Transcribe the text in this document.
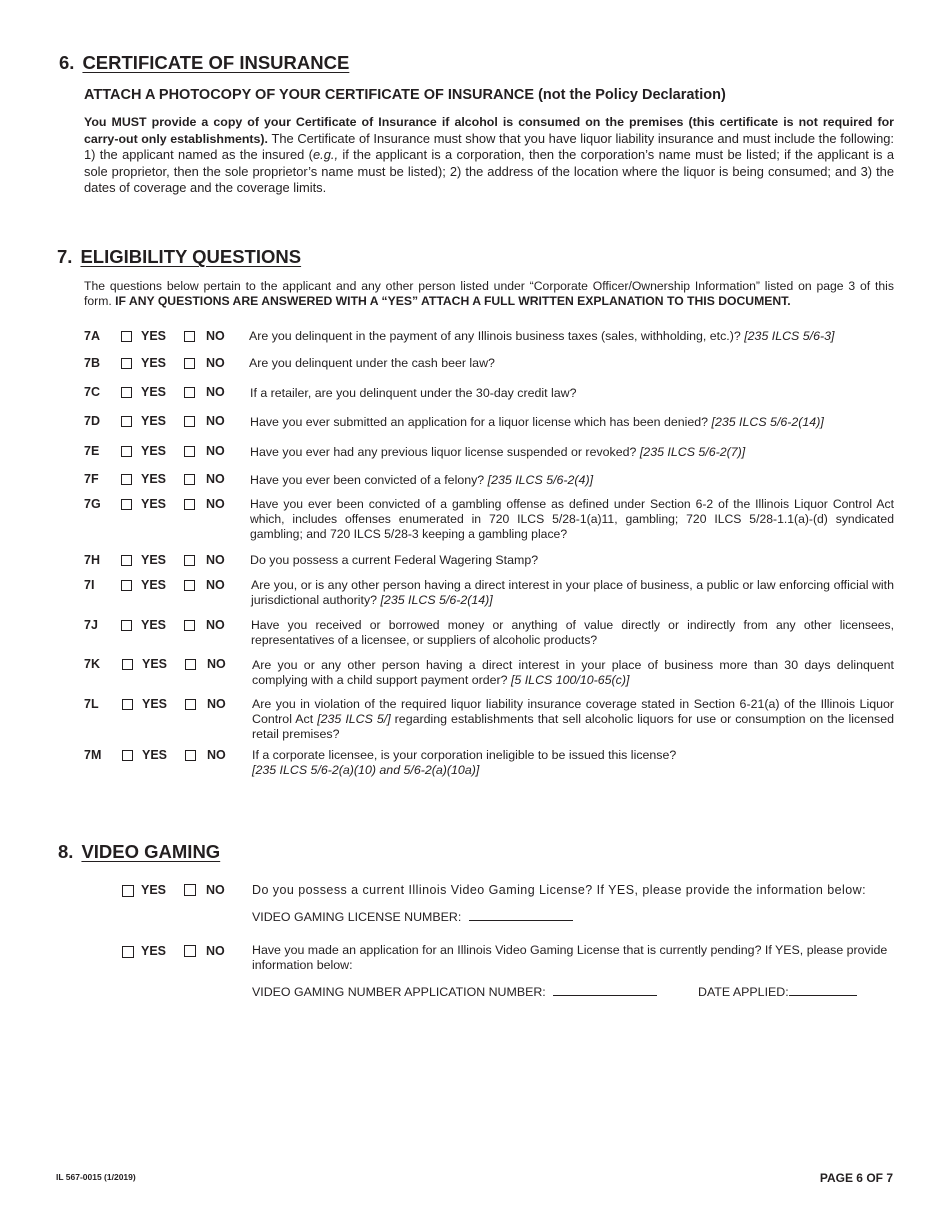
6. CERTIFICATE OF INSURANCE
ATTACH A PHOTOCOPY OF YOUR CERTIFICATE OF INSURANCE (not the Policy Declaration)
You MUST provide a copy of your Certificate of Insurance if alcohol is consumed on the premises (this certificate is not required for carry-out only establishments). The Certificate of Insurance must show that you have liquor liability insurance and must include the following: 1) the applicant named as the insured (e.g., if the applicant is a corporation, then the corporation’s name must be listed; if the applicant is a sole proprietor, then the sole proprietor’s name must be listed); 2) the address of the location where the liquor is being consumed; and 3) the dates of coverage and the coverage limits.
7. ELIGIBILITY QUESTIONS
The questions below pertain to the applicant and any other person listed under “Corporate Officer/Ownership Information” listed on page 3 of this form. IF ANY QUESTIONS ARE ANSWERED WITH A “YES” ATTACH A FULL WRITTEN EXPLANATION TO THIS DOCUMENT.
7A	YES	NO Are you delinquent in the payment of any Illinois business taxes (sales, withholding, etc.)? [235 ILCS 5/6-3]
7B	YES	NO Are you delinquent under the cash beer law?
7C	YES	NO If a retailer, are you delinquent under the 30-day credit law?
7D	YES	NO Have you ever submitted an application for a liquor license which has been denied? [235 ILCS 5/6-2(14)]
7E	YES	NO Have you ever had any previous liquor license suspended or revoked? [235 ILCS 5/6-2(7)]
7F	YES	NO Have you ever been convicted of a felony? [235 ILCS 5/6-2(4)]
7G	YES	NO Have you ever been convicted of a gambling offense as defined under Section 6-2 of the Illinois Liquor Control Act which, includes offenses enumerated in 720 ILCS 5/28-1(a)11, gambling; 720 ILCS 5/28-1.1(a)-(d) syndicated gambling; and 720 ILCS 5/28-3 keeping a gambling place?
7H	YES	NO Do you possess a current Federal Wagering Stamp?
7I	YES	NO Are you, or is any other person having a direct interest in your place of business, a public or law enforcing official with jurisdictional authority? [235 ILCS 5/6-2(14)]
7J	YES	NO Have you received or borrowed money or anything of value directly or indirectly from any other licensees, representatives of a licensee, or suppliers of alcoholic products?
7K	YES	NO Are you or any other person having a direct interest in your place of business more than 30 days delinquent complying with a child support payment order? [5 ILCS 100/10-65(c)]
7L	YES	NO Are you in violation of the required liquor liability insurance coverage stated in Section 6-21(a) of the Illinois Liquor Control Act [235 ILCS 5/] regarding establishments that sell alcoholic liquors for use or consumption on the licensed retail premises?
7M	YES	NO If a corporate licensee, is your corporation ineligible to be issued this license?
[235 ILCS 5/6-2(a)(10) and 5/6-2(a)(10a)]
8. VIDEO GAMING
YES	NO Do you possess a current Illinois Video Gaming License? If YES, please provide the information below:
VIDEO GAMING LICENSE NUMBER:
YES	NO Have you made an application for an Illinois Video Gaming License that is currently pending? If YES, please provide information below:
VIDEO GAMING NUMBER APPLICATION NUMBER:	DATE APPLIED:
IL 567-0015 (1/2019)	PAGE 6 OF 7
